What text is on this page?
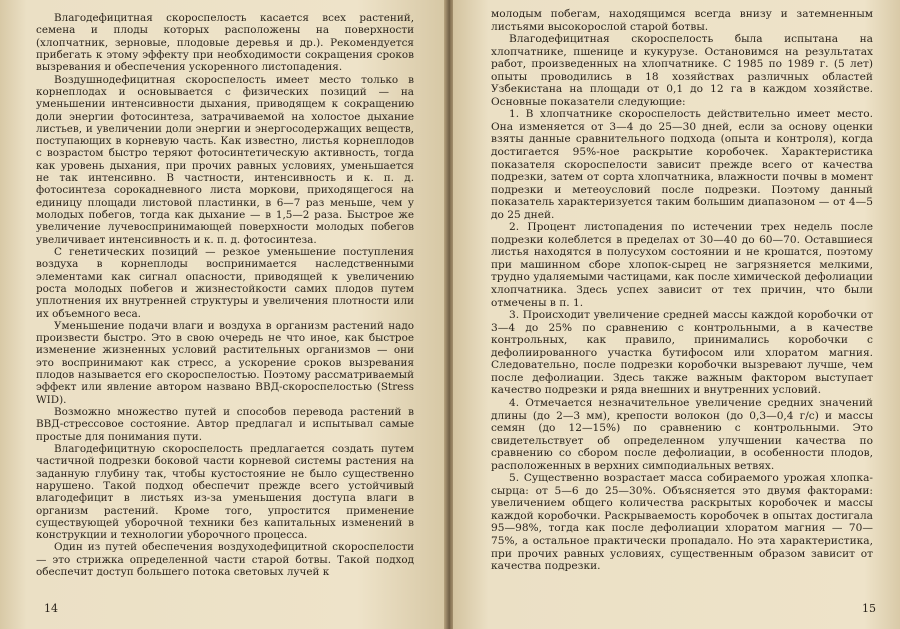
Влагодефицитная скороспелость касается всех растений, семена и плоды которых расположены на поверхности (хлопчатник, зерновые, плодовые деревья и др.). Рекомендуется прибегать к этому эффекту при необходимости сокращения сроков вызревания и обеспечения ускоренного листопадения.

Воздушнодефицитная скороспелость имеет место только в корнеплодах и основывается с физических позиций — на уменьшении интенсивности дыхания, приводящем к сокращению доли энергии фотосинтеза, затрачиваемой на холостое дыхание листьев, и увеличении доли энергии и энергосодержащих веществ, поступающих в корневую часть. Как известно, листья корнеплодов с возрастом быстро теряют фотосинтетическую активность, тогда как уровень дыхания, при прочих равных условиях, уменьшается не так интенсивно. В частности, интенсивность и к. п. д. фотосинтеза сорокадневного листа моркови, приходящегося на единицу площади листовой пластинки, в 6—7 раз меньше, чем у молодых побегов, тогда как дыхание — в 1,5—2 раза. Быстрое же увеличение лучевоспринимающей поверхности молодых побегов увеличивает интенсивность и к. п. д. фотосинтеза.

С генетических позиций — резкое уменьшение поступления воздуха в корнеплоды воспринимается наследственными элементами как сигнал опасности, приводящей к увеличению роста молодых побегов и жизнестойкости самих плодов путем уплотнения их внутренней структуры и увеличения плотности или их объемного веса.

Уменьшение подачи влаги и воздуха в организм растений надо произвести быстро. Это в свою очередь не что иное, как быстрое изменение жизненных условий растительных организмов — они это воспринимают как стресс, а ускорение сроков вызревания плодов называется его скороспелостью. Поэтому рассматриваемый эффект или явление автором названо ВВД-скороспелостью (Stress WID).

Возможно множество путей и способов перевода растений в ВВД-стрессовое состояние. Автор предлагал и испытывал самые простые для понимания пути.

Влагодефицитную скороспелость предлагается создать путем частичной подрезки боковой части корневой системы растения на заданную глубину так, чтобы кустостояние не было существенно нарушено. Такой подход обеспечит прежде всего устойчивый влагодефицит в листьях из-за уменьшения доступа влаги в организм растений. Кроме того, упростится применение существующей уборочной техники без капитальных изменений в конструкции и технологии уборочного процесса.

Один из путей обеспечения воздуходефицитной скороспелости — это стрижка определенной части старой ботвы. Такой подход обеспечит доступ большего потока световых лучей к

14

молодым побегам, находящимся всегда внизу и затемненным листьями высокорослой старой ботвы.

Влагодефицитная скороспелость была испытана на хлопчатнике, пшенице и кукурузе. Остановимся на результатах работ, произведенных на хлопчатнике. С 1985 по 1989 г. (5 лет) опыты проводились в 18 хозяйствах различных областей Узбекистана на площади от 0,1 до 12 га в каждом хозяйстве. Основные показатели следующие:

1. В хлопчатнике скороспелость действительно имеет место. Она изменяется от 3—4 до 25—30 дней, если за основу оценки взяты данные сравнительного подхода (опыта и контроля), когда достигается 95%-ное раскрытие коробочек. Характеристика показателя скороспелости зависит прежде всего от качества подрезки, затем от сорта хлопчатника, влажности почвы в момент подрезки и метеоусловий после подрезки. Поэтому данный показатель характеризуется таким большим диапазоном — от 4—5 до 25 дней.

2. Процент листопадения по истечении трех недель после подрезки колеблется в пределах от 30—40 до 60—70. Оставшиеся листья находятся в полусухом состоянии и не крошатся, поэтому при машинном сборе хлопок-сырец не загрязняется мелкими, трудно удаляемыми частицами, как после химической дефолиации хлопчатника. Здесь успех зависит от тех причин, что были отмечены в п. 1.

3. Происходит увеличение средней массы каждой коробочки от 3—4 до 25% по сравнению с контрольными, а в качестве контрольных, как правило, принимались коробочки с дефолиированного участка бутифосом или хлоратом магния. Следовательно, после подрезки коробочки вызревают лучше, чем после дефолиации. Здесь также важным фактором выступает качество подрезки и ряда внешних и внутренних условий.

4. Отмечается незначительное увеличение средних значений длины (до 2—3 мм), крепости волокон (до 0,3—0,4 г/с) и массы семян (до 12—15%) по сравнению с контрольными. Это свидетельствует об определенном улучшении качества по сравнению со сбором после дефолиации, в особенности плодов, расположенных в верхних симподиальных ветвях.

5. Существенно возрастает масса собираемого урожая хлопка-сырца: от 5—6 до 25—30%. Объясняется это двумя факторами: увеличением общего количества раскрытых коробочек и массы каждой коробочки. Раскрываемость коробочек в опытах достигала 95—98%, тогда как после дефолиации хлоратом магния — 70—75%, а остальное практически пропадало. Но эта характеристика, при прочих равных условиях, существенным образом зависит от качества подрезки.

15
